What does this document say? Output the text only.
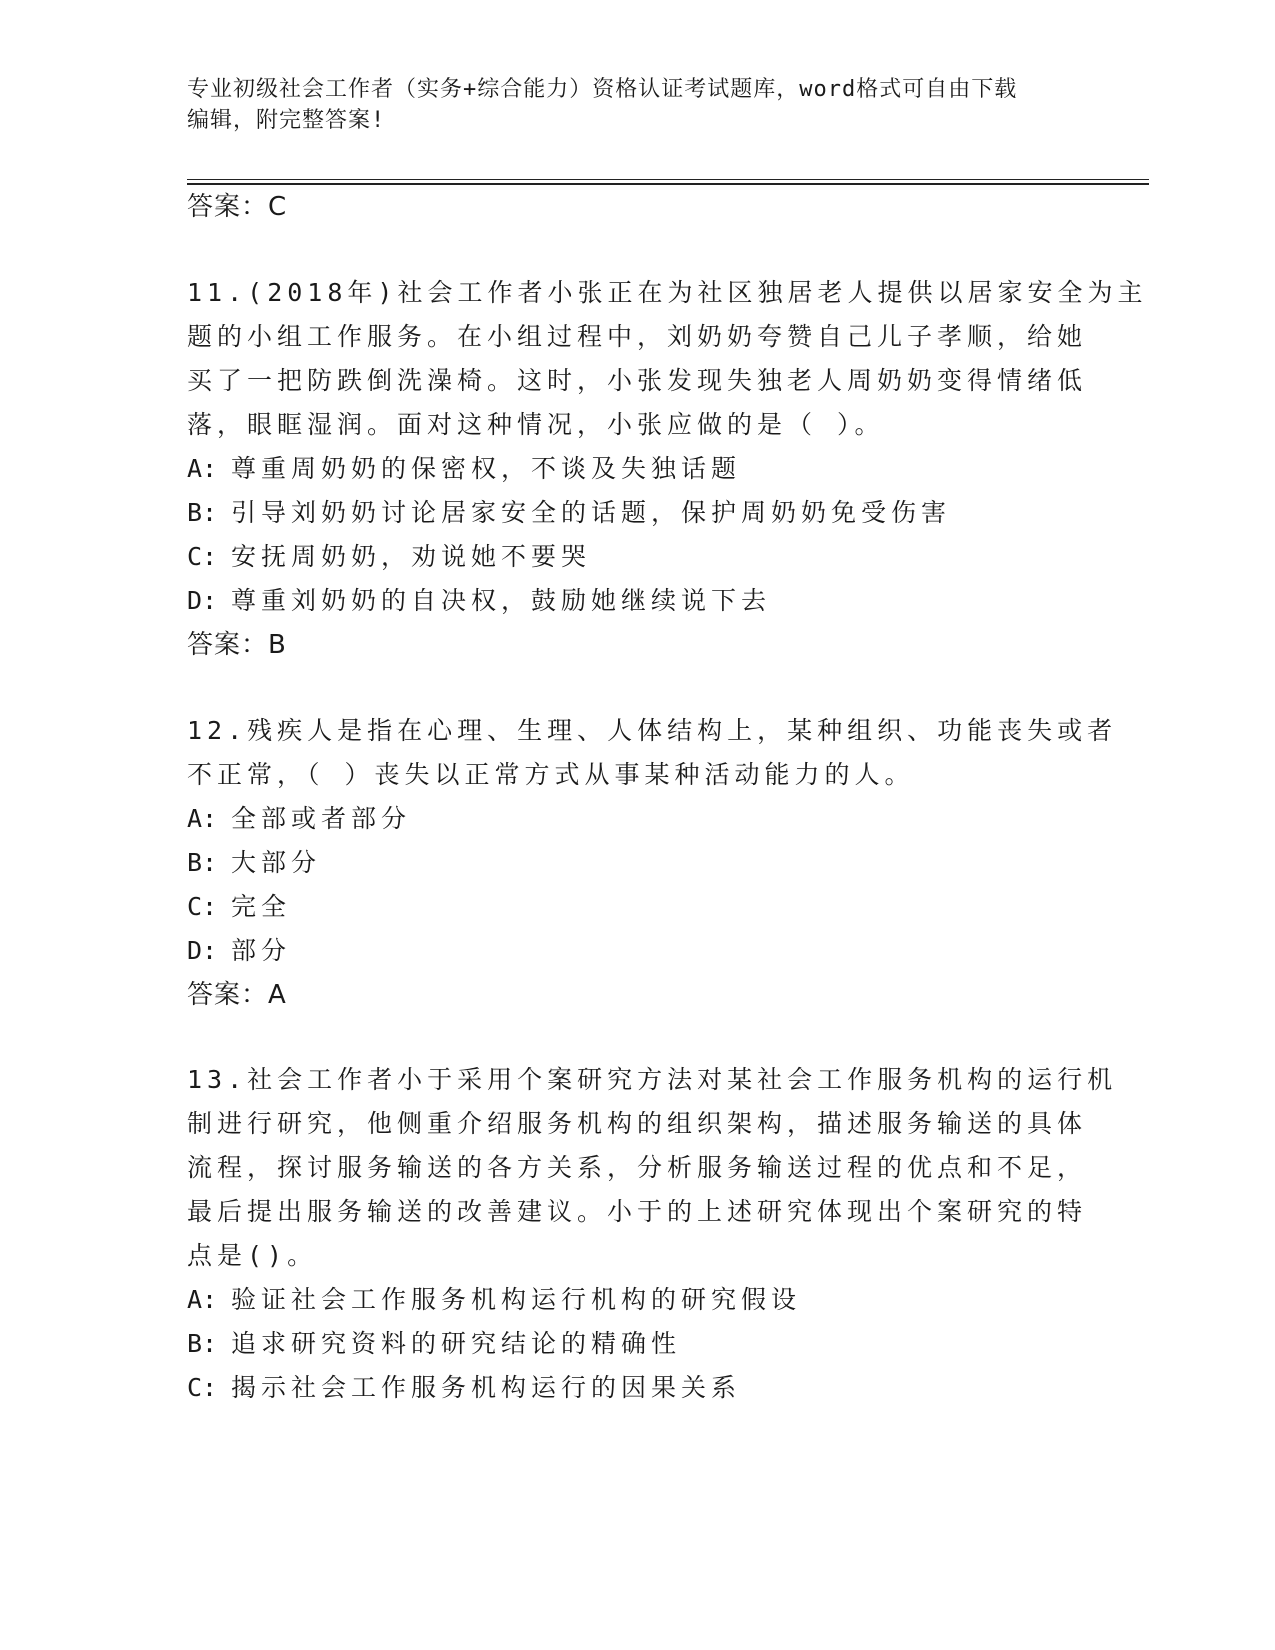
专业初级社会工作者（实务+综合能力）资格认证考试题库，word格式可自由下载
编辑，附完整答案!
答案：C
11.(2018年)社会工作者小张正在为社区独居老人提供以居家安全为主
题的小组工作服务。在小组过程中，刘奶奶夸赞自己儿子孝顺，给她
买了一把防跌倒洗澡椅。这时，小张发现失独老人周奶奶变得情绪低
落，眼眶湿润。面对这种情况，小张应做的是（ ）。
A: 尊重周奶奶的保密权，不谈及失独话题
B: 引导刘奶奶讨论居家安全的话题，保护周奶奶免受伤害
C: 安抚周奶奶，劝说她不要哭
D: 尊重刘奶奶的自决权，鼓励她继续说下去
答案：B
12.残疾人是指在心理、生理、人体结构上，某种组织、功能丧失或者
不正常，（ ）丧失以正常方式从事某种活动能力的人。
A: 全部或者部分
B: 大部分
C: 完全
D: 部分
答案：A
13.社会工作者小于采用个案研究方法对某社会工作服务机构的运行机
制进行研究，他侧重介绍服务机构的组织架构，描述服务输送的具体
流程，探讨服务输送的各方关系，分析服务输送过程的优点和不足，
最后提出服务输送的改善建议。小于的上述研究体现出个案研究的特
点是()。
A: 验证社会工作服务机构运行机构的研究假设
B: 追求研究资料的研究结论的精确性
C: 揭示社会工作服务机构运行的因果关系
